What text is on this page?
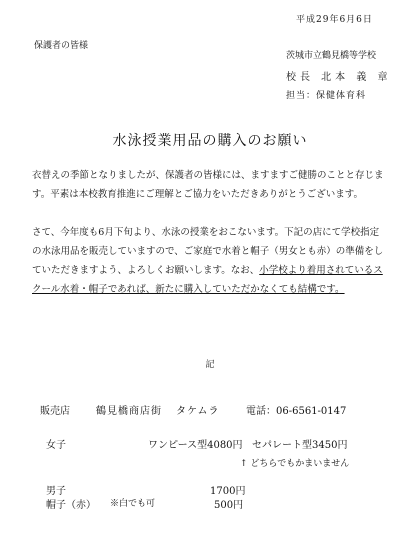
平成29年6月6日
保護者の皆様
茨城市立鶴見橋等学校
校長 北本 義 章
担当：保健体育科
水泳授業用品の購入のお願い
衣替えの季節となりましたが、保護者の皆様には、ますますご健勝のことと存じます。平素は本校教育推進にご理解とご協力をいただきありがとうございます。
さて、今年度も6月下旬より、水泳の授業をおこないます。下記の店にて学校指定の水泳用品を販売していますので、ご家庭で水着と帽子（男女とも赤）の準備をしていただきますよう、よろしくお願いします。なお、小学校より着用されているスクール水着・帽子であれば、新たに購入していただかなくても結構です。
記
販売店	鶴見橋商店街 タケムラ	電話：06-6561-0147
女子	ワンピース型4080円 セパレート型3450円
↑ どちらでもかまいません
男子	1700円
帽子（赤） ※白でも可	500円
